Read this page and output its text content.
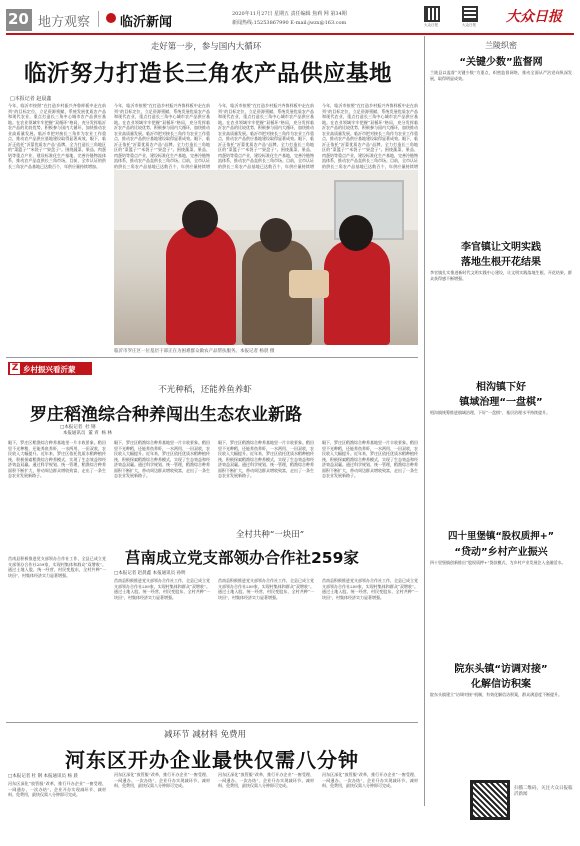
20 地方观察 临沂新闻
2020年11月27日 星期五 责任编辑 焦莉 网 第34期
新闻热线:15253867990 E-mail:jwzx@163.com	大众日报	大众日报 大众日报
走好第一步，参与国内大循环
临沂努力打造长三角农产品供应基地
□本报记者 赵晨鑫
今年，临沂市按照“在打造乡村振兴齐鲁样板中走在前列”的目标定位，立足资源禀赋，系统发展优质农产品和现代农业，重点打造长三角中心城市农产品供应基地。在农业领域牢牢把握“双循环”格局，充分发挥临沂农产品的比较优势，积极参与国内大循环，加快推动农业高质量发展。临沂市把对接长三角作为农业工作重点，推动农产品供应基地建设取得显著成效。眼下，临沂正依托“沂蒙优质农产品”品牌，全力打造长三角地区的“菜篮子”“米袋子”“果盘子”。围绕蔬菜、果品、肉蛋奶等重点产业，建设标准化生产基地，完善冷链物流体系，推动农产品直供长三角市场。目前，全市认证的供长三角农产品基地已达数百个，年供应量持续增加。
今年，临沂市按照“在打造乡村振兴齐鲁样板中走在前列”的目标定位，立足资源禀赋，系统发展优质农产品和现代农业，重点打造长三角中心城市农产品供应基地。在农业领域牢牢把握“双循环”格局，充分发挥临沂农产品的比较优势，积极参与国内大循环，加快推动农业高质量发展。临沂市把对接长三角作为农业工作重点，推动农产品供应基地建设取得显著成效。眼下，临沂正依托“沂蒙优质农产品”品牌，全力打造长三角地区的“菜篮子”“米袋子”“果盘子”。围绕蔬菜、果品、肉蛋奶等重点产业，建设标准化生产基地，完善冷链物流体系，推动农产品直供长三角市场。目前，全市认证的供长三角农产品基地已达数百个，年供应量持续增
今年，临沂市按照“在打造乡村振兴齐鲁样板中走在前列”的目标定位，立足资源禀赋，系统发展优质农产品和现代农业，重点打造长三角中心城市农产品供应基地。在农业领域牢牢把握“双循环”格局，充分发挥临沂农产品的比较优势，积极参与国内大循环，加快推动农业高质量发展。临沂市把对接长三角作为农业工作重点，推动农产品供应基地建设取得显著成效。眼下，临沂正依托“沂蒙优质农产品”品牌，全力打造长三角地区的“菜篮子”“米袋子”“果盘子”。围绕蔬菜、果品、肉蛋奶等重点产业，建设标准化生产基地，完善冷链物流体系，推动农产品直供长三角市场。目前，全市认证的供长三角农产品基地已达数百个，年供应量持续增
今年，临沂市按照“在打造乡村振兴齐鲁样板中走在前列”的目标定位，立足资源禀赋，系统发展优质农产品和现代农业，重点打造长三角中心城市农产品供应基地。在农业领域牢牢把握“双循环”格局，充分发挥临沂农产品的比较优势，积极参与国内大循环，加快推动农业高质量发展。临沂市把对接长三角作为农业工作重点，推动农产品供应基地建设取得显著成效。眼下，临沂正依托“沂蒙优质农产品”品牌，全力打造长三角地区的“菜篮子”“米袋子”“果盘子”。围绕蔬菜、果品、肉蛋奶等重点产业，建设标准化生产基地，完善冷链物流体系，推动农产品直供长三角市场。目前，全市认证的供长三角农产品基地已达数百个，年供应量持续增
临沂市罗庄区一位基层干部正在为困难群众做农产品帮扶服务。本报记者 杨晨 摄
Z 乡村振兴看沂蒙
不光种稻，还能养鱼养虾
罗庄稻渔综合种养闯出生态农业新路
□本报记者  杜 钢
本报通讯员  董 青  杨 林
眼下，罗庄区稻渔综合种养基地里一片丰收景象。稻田里不光种稻，还能养鱼养虾，一水两用、一田双收，农民收入大幅提升。近年来，罗庄区依托优质水稻种植传统，积极探索稻渔综合种养模式，实现了生态效益和经济效益双赢。通过科学规划、统一管理，稻渔综合种养面积不断扩大，带动周边群众增收致富，走出了一条生态农业发展新路子。
眼下，罗庄区稻渔综合种养基地里一片丰收景象。稻田里不光种稻，还能养鱼养虾，一水两用、一田双收，农民收入大幅提升。近年来，罗庄区依托优质水稻种植传统，积极探索稻渔综合种养模式，实现了生态效益和经济效益双赢。通过科学规划、统一管理，稻渔综合种养面积不断扩大，带动周边群众增收致富，走出了一条生态农业发展新路子。
眼下，罗庄区稻渔综合种养基地里一片丰收景象。稻田里不光种稻，还能养鱼养虾，一水两用、一田双收，农民收入大幅提升。近年来，罗庄区依托优质水稻种植传统，积极探索稻渔综合种养模式，实现了生态效益和经济效益双赢。通过科学规划、统一管理，稻渔综合种养面积不断扩大，带动周边群众增收致富，走出了一条生态农业发展新路子。
眼下，罗庄区稻渔综合种养基地里一片丰收景象。稻田里不光种稻，还能养鱼养虾，一水两用、一田双收，农民收入大幅提升。近年来，罗庄区依托优质水稻种植传统，积极探索稻渔综合种养模式，实现了生态效益和经济效益双赢。通过科学规划、统一管理，稻渔综合种养面积不断扩大，带动周边群众增收致富，走出了一条生态农业发展新路子。
全村共种“一块田”
莒南成立党支部领办合作社259家
莒南县积极推进党支部领办合作社工作，全县已成立党支部领办合作社259家，实现村集体和群众“双增收”。通过土地入股、统一经营，村民变股东，全村共种“一块田”，村集体经济实力显著增强。	□本报记者 赵晨鑫 本报通讯员 孙明
莒南县积极推进党支部领办合作社工作，全县已成立党支部领办合作社259家，实现村集体和群众“双增收”。通过土地入股、统一经营，村民变股东，全村共种“一块田”，村集体经济实力显著增强。
莒南县积极推进党支部领办合作社工作，全县已成立党支部领办合作社259家，实现村集体和群众“双增收”。通过土地入股、统一经营，村民变股东，全村共种“一块田”，村集体经济实力显著增强。
莒南县积极推进党支部领办合作社工作，全县已成立党支部领办合作社259家，实现村集体和群众“双增收”。通过土地入股、统一经营，村民变股东，全村共种“一块田”，村集体经济实力显著增强。
减环节 减材料 免费用
河东区开办企业最快仅需八分钟
□本报记者 杜 钢 本报通讯员 杨 晨
河东区深化“放管服”改革，推行开办企业“一窗受理、一网通办、一次办结”，企业开办实现减环节、减材料、免费用，最快仅需八分钟即可完成。
河东区深化“放管服”改革，推行开办企业“一窗受理、一网通办、一次办结”，企业开办实现减环节、减材料、免费用，最快仅需八分钟即可完成。
河东区深化“放管服”改革，推行开办企业“一窗受理、一网通办、一次办结”，企业开办实现减环节、减材料、免费用，最快仅需八分钟即可完成。
河东区深化“放管服”改革，推行开办企业“一窗受理、一网通办、一次办结”，企业开办实现减环节、减材料、免费用，最快仅需八分钟即可完成。
兰陵织密
“关键少数”监督网
兰陵县以监督“关键少数”为重点，织密监督网络，推动全面从严治党向纵深发展，取得明显成效。
李官镇让文明实践
落地生根开花结果
李官镇扎实推进新时代文明实践中心建设，让文明实践落地生根、开花结果，群众获得感不断增强。
相沟镇下好
镇域治理“一盘棋”
相沟镇统筹推进镇域治理，下好“一盘棋”，基层治理水平持续提升。
四十里堡镇“股权质押+”
“贷动”乡村产业振兴
四十里堡镇创新推出“股权质押+”贷款模式，为乡村产业发展注入金融活水。
院东头镇“访调对接”
化解信访积案
院东头镇建立“访调对接”机制，有效化解信访积案，群众满意度不断提升。
扫描二维码，关注大众日报临沂新闻
